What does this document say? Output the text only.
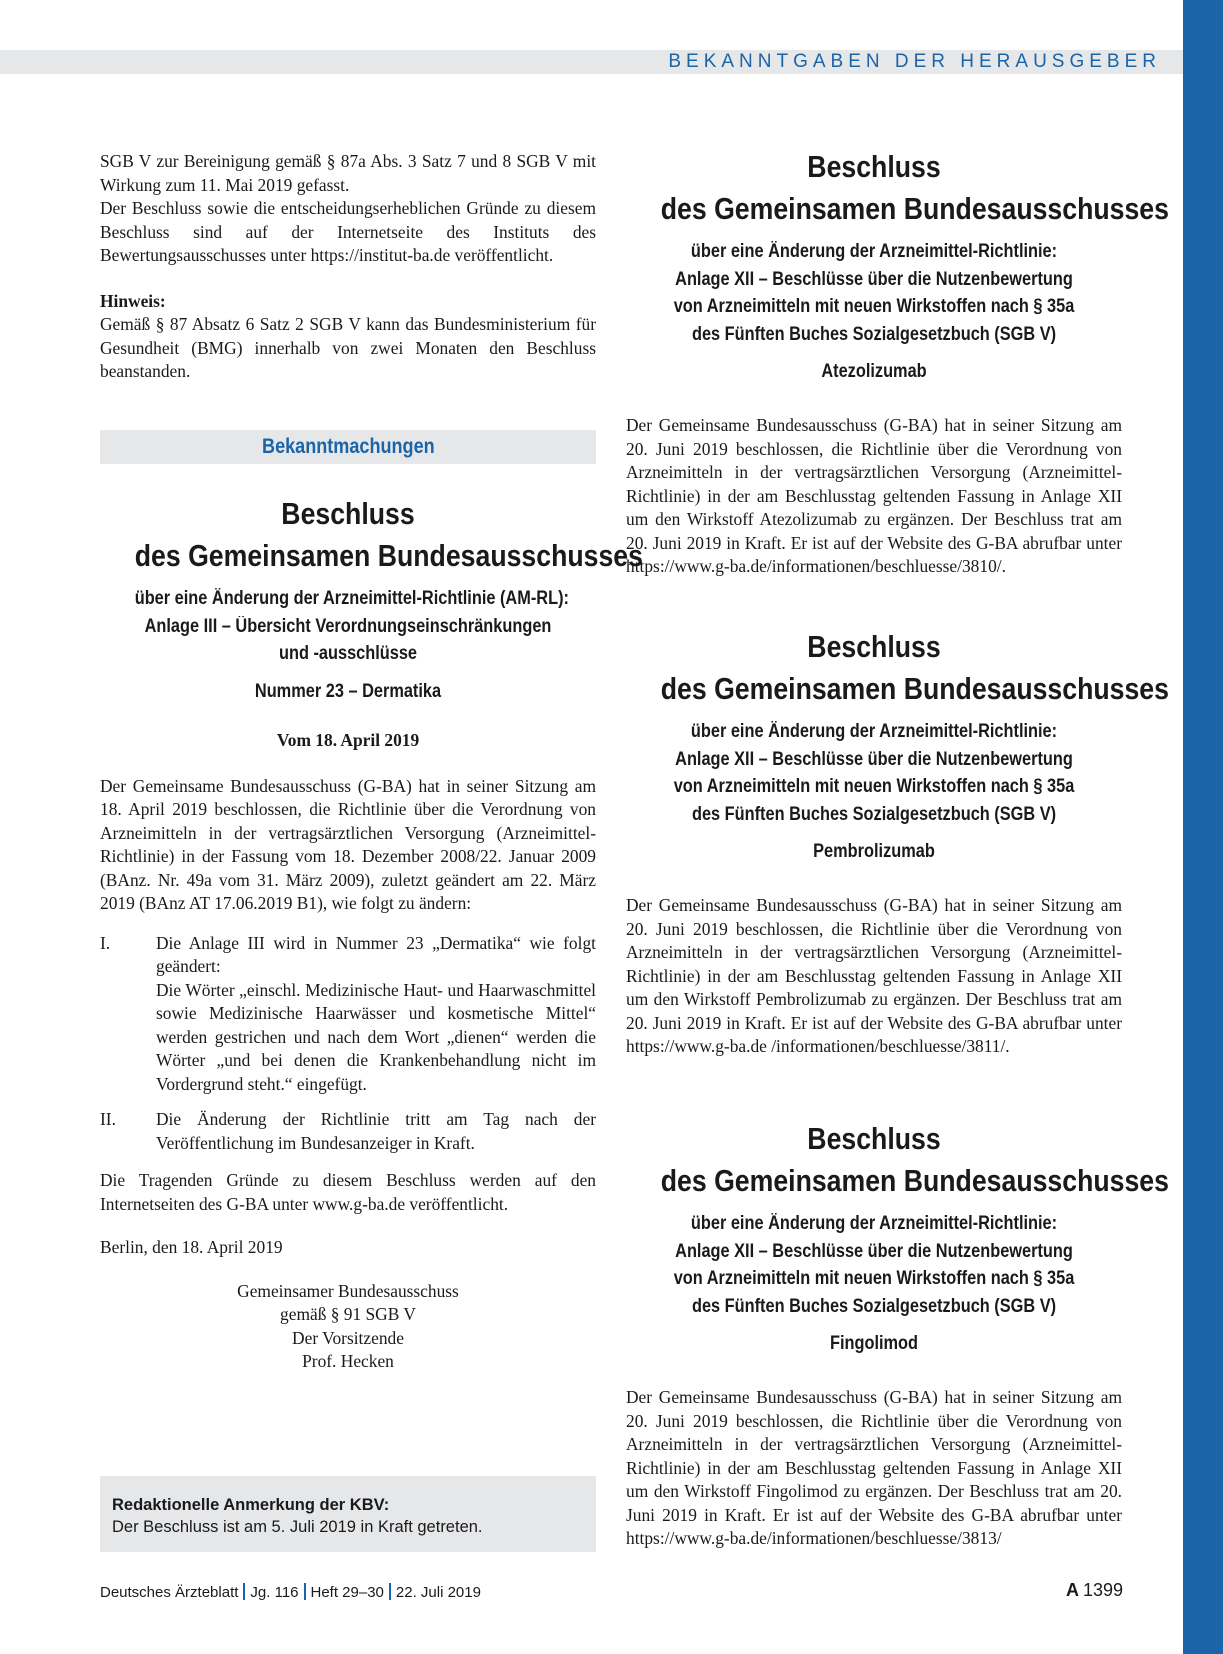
BEKANNTGABEN DER HERAUSGEBER

SGB V zur Bereinigung gemäß § 87a Abs. 3 Satz 7 und 8 SGB V mit Wirkung zum 11. Mai 2019 gefasst.

Der Beschluss sowie die entscheidungserheblichen Gründe zu diesem Beschluss sind auf der Internetseite des Instituts des Bewertungsausschusses unter https://institut-ba.de veröffentlicht.

Hinweis:
Gemäß § 87 Absatz 6 Satz 2 SGB V kann das Bundesministerium für Gesundheit (BMG) innerhalb von zwei Monaten den Beschluss beanstanden.
Bekanntmachungen
Beschluss
des Gemeinsamen Bundesausschusses
über eine Änderung der Arzneimittel-Richtlinie (AM-RL):
Anlage III – Übersicht Verordnungseinschränkungen
und -ausschlüsse
Nummer 23 – Dermatika
Vom 18. April 2019
Der Gemeinsame Bundesausschuss (G-BA) hat in seiner Sitzung am 18. April 2019 beschlossen, die Richtlinie über die Verordnung von Arzneimitteln in der vertragsärztlichen Versorgung (Arzneimittel-Richtlinie) in der Fassung vom 18. Dezember 2008/22. Januar 2009 (BAnz. Nr. 49a vom 31. März 2009), zuletzt geändert am 22. März 2019 (BAnz AT 17.06.2019 B1), wie folgt zu ändern:
I.	Die Anlage III wird in Nummer 23 „Dermatika“ wie folgt geändert:
Die Wörter „einschl. Medizinische Haut- und Haarwaschmittel sowie Medizinische Haarwässer und kosmetische Mittel“ werden gestrichen und nach dem Wort „dienen“ werden die Wörter „und bei denen die Krankenbehandlung nicht im Vordergrund steht.“ eingefügt.
II.	Die Änderung der Richtlinie tritt am Tag nach der Veröffentlichung im Bundesanzeiger in Kraft.
Die Tragenden Gründe zu diesem Beschluss werden auf den Internetseiten des G-BA unter www.g-ba.de veröffentlicht.
Berlin, den 18. April 2019
Gemeinsamer Bundesausschuss
gemäß § 91 SGB V
Der Vorsitzende
Prof. Hecken
Redaktionelle Anmerkung der KBV:
Der Beschluss ist am 5. Juli 2019 in Kraft getreten.
Beschluss
des Gemeinsamen Bundesausschusses
über eine Änderung der Arzneimittel-Richtlinie:
Anlage XII – Beschlüsse über die Nutzenbewertung
von Arzneimitteln mit neuen Wirkstoffen nach § 35a
des Fünften Buches Sozialgesetzbuch (SGB V)
Atezolizumab
Der Gemeinsame Bundesausschuss (G-BA) hat in seiner Sitzung am 20. Juni 2019 beschlossen, die Richtlinie über die Verordnung von Arzneimitteln in der vertragsärztlichen Versorgung (Arzneimittel-Richtlinie) in der am Beschlusstag geltenden Fassung in Anlage XII um den Wirkstoff Atezolizumab zu ergänzen. Der Beschluss trat am 20. Juni 2019 in Kraft. Er ist auf der Website des G-BA abrufbar unter https://www.g-ba.de/informationen/beschluesse/3810/.
Beschluss
des Gemeinsamen Bundesausschusses
über eine Änderung der Arzneimittel-Richtlinie:
Anlage XII – Beschlüsse über die Nutzenbewertung
von Arzneimitteln mit neuen Wirkstoffen nach § 35a
des Fünften Buches Sozialgesetzbuch (SGB V)
Pembrolizumab
Der Gemeinsame Bundesausschuss (G-BA) hat in seiner Sitzung am 20. Juni 2019 beschlossen, die Richtlinie über die Verordnung von Arzneimitteln in der vertragsärztlichen Versorgung (Arzneimittel-Richtlinie) in der am Beschlusstag geltenden Fassung in Anlage XII um den Wirkstoff Pembrolizumab zu ergänzen. Der Beschluss trat am 20. Juni 2019 in Kraft. Er ist auf der Website des G-BA abrufbar unter https://www.g-ba.de /informationen/beschluesse/3811/.
Beschluss
des Gemeinsamen Bundesausschusses
über eine Änderung der Arzneimittel-Richtlinie:
Anlage XII – Beschlüsse über die Nutzenbewertung
von Arzneimitteln mit neuen Wirkstoffen nach § 35a
des Fünften Buches Sozialgesetzbuch (SGB V)
Fingolimod
Der Gemeinsame Bundesausschuss (G-BA) hat in seiner Sitzung am 20. Juni 2019 beschlossen, die Richtlinie über die Verordnung von Arzneimitteln in der vertragsärztlichen Versorgung (Arzneimittel-Richtlinie) in der am Beschlusstag geltenden Fassung in Anlage XII um den Wirkstoff Fingolimod zu ergänzen. Der Beschluss trat am 20. Juni 2019 in Kraft. Er ist auf der Website des G-BA abrufbar unter https://www.g-ba.de/informationen/beschluesse/3813/
Deutsches Ärzteblatt Jg. 116 Heft 29–30 22. Juli 2019	A 1399
